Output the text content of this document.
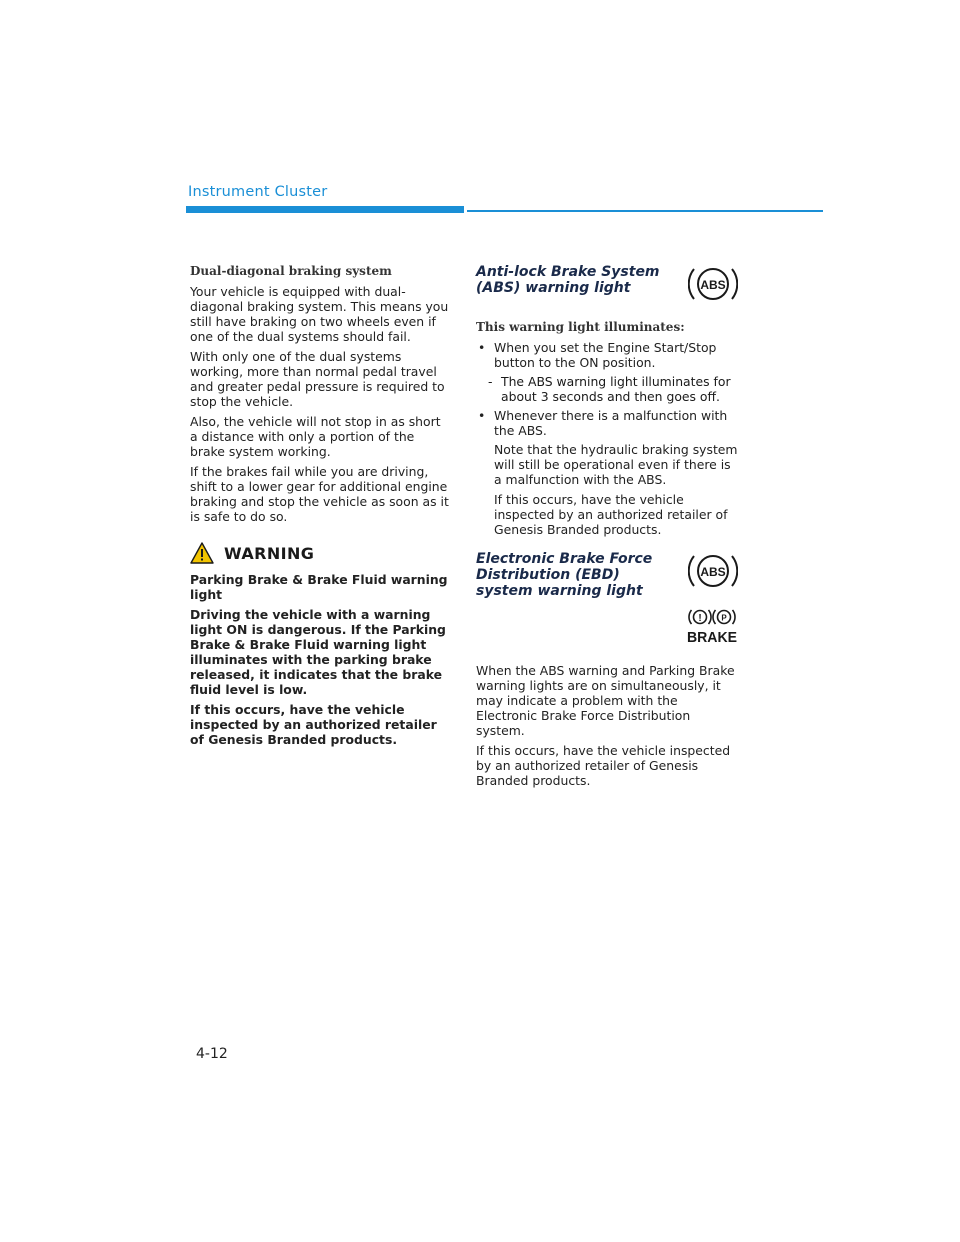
Instrument Cluster
Dual-diagonal braking system

Your vehicle is equipped with dual-diagonal braking system. This means you still have braking on two wheels even if one of the dual systems should fail.

With only one of the dual systems working, more than normal pedal travel and greater pedal pressure is required to stop the vehicle.

Also, the vehicle will not stop in as short a distance with only a portion of the brake system working.

If the brakes fail while you are driving, shift to a lower gear for additional engine braking and stop the vehicle as soon as it is safe to do so.

WARNING

Parking Brake & Brake Fluid warning light

Driving the vehicle with a warning light ON is dangerous. If the Parking Brake & Brake Fluid warning light illuminates with the parking brake released, it indicates that the brake fluid level is low.

If this occurs, have the vehicle inspected by an authorized retailer of Genesis Branded products.

Anti-lock Brake System (ABS) warning light	ABS
This warning light illuminates:
• When you set the Engine Start/Stop button to the ON position.
- The ABS warning light illuminates for about 3 seconds and then goes off.
• Whenever there is a malfunction with the ABS.

Note that the hydraulic braking system will still be operational even if there is a malfunction with the ABS.

If this occurs, have the vehicle inspected by an authorized retailer of Genesis Branded products.

Electronic Brake Force Distribution (EBD) system warning light
ABS
! P
BRAKE

When the ABS warning and Parking Brake warning lights are on simultaneously, it may indicate a problem with the Electronic Brake Force Distribution system.

If this occurs, have the vehicle inspected by an authorized retailer of Genesis Branded products.

4-12
